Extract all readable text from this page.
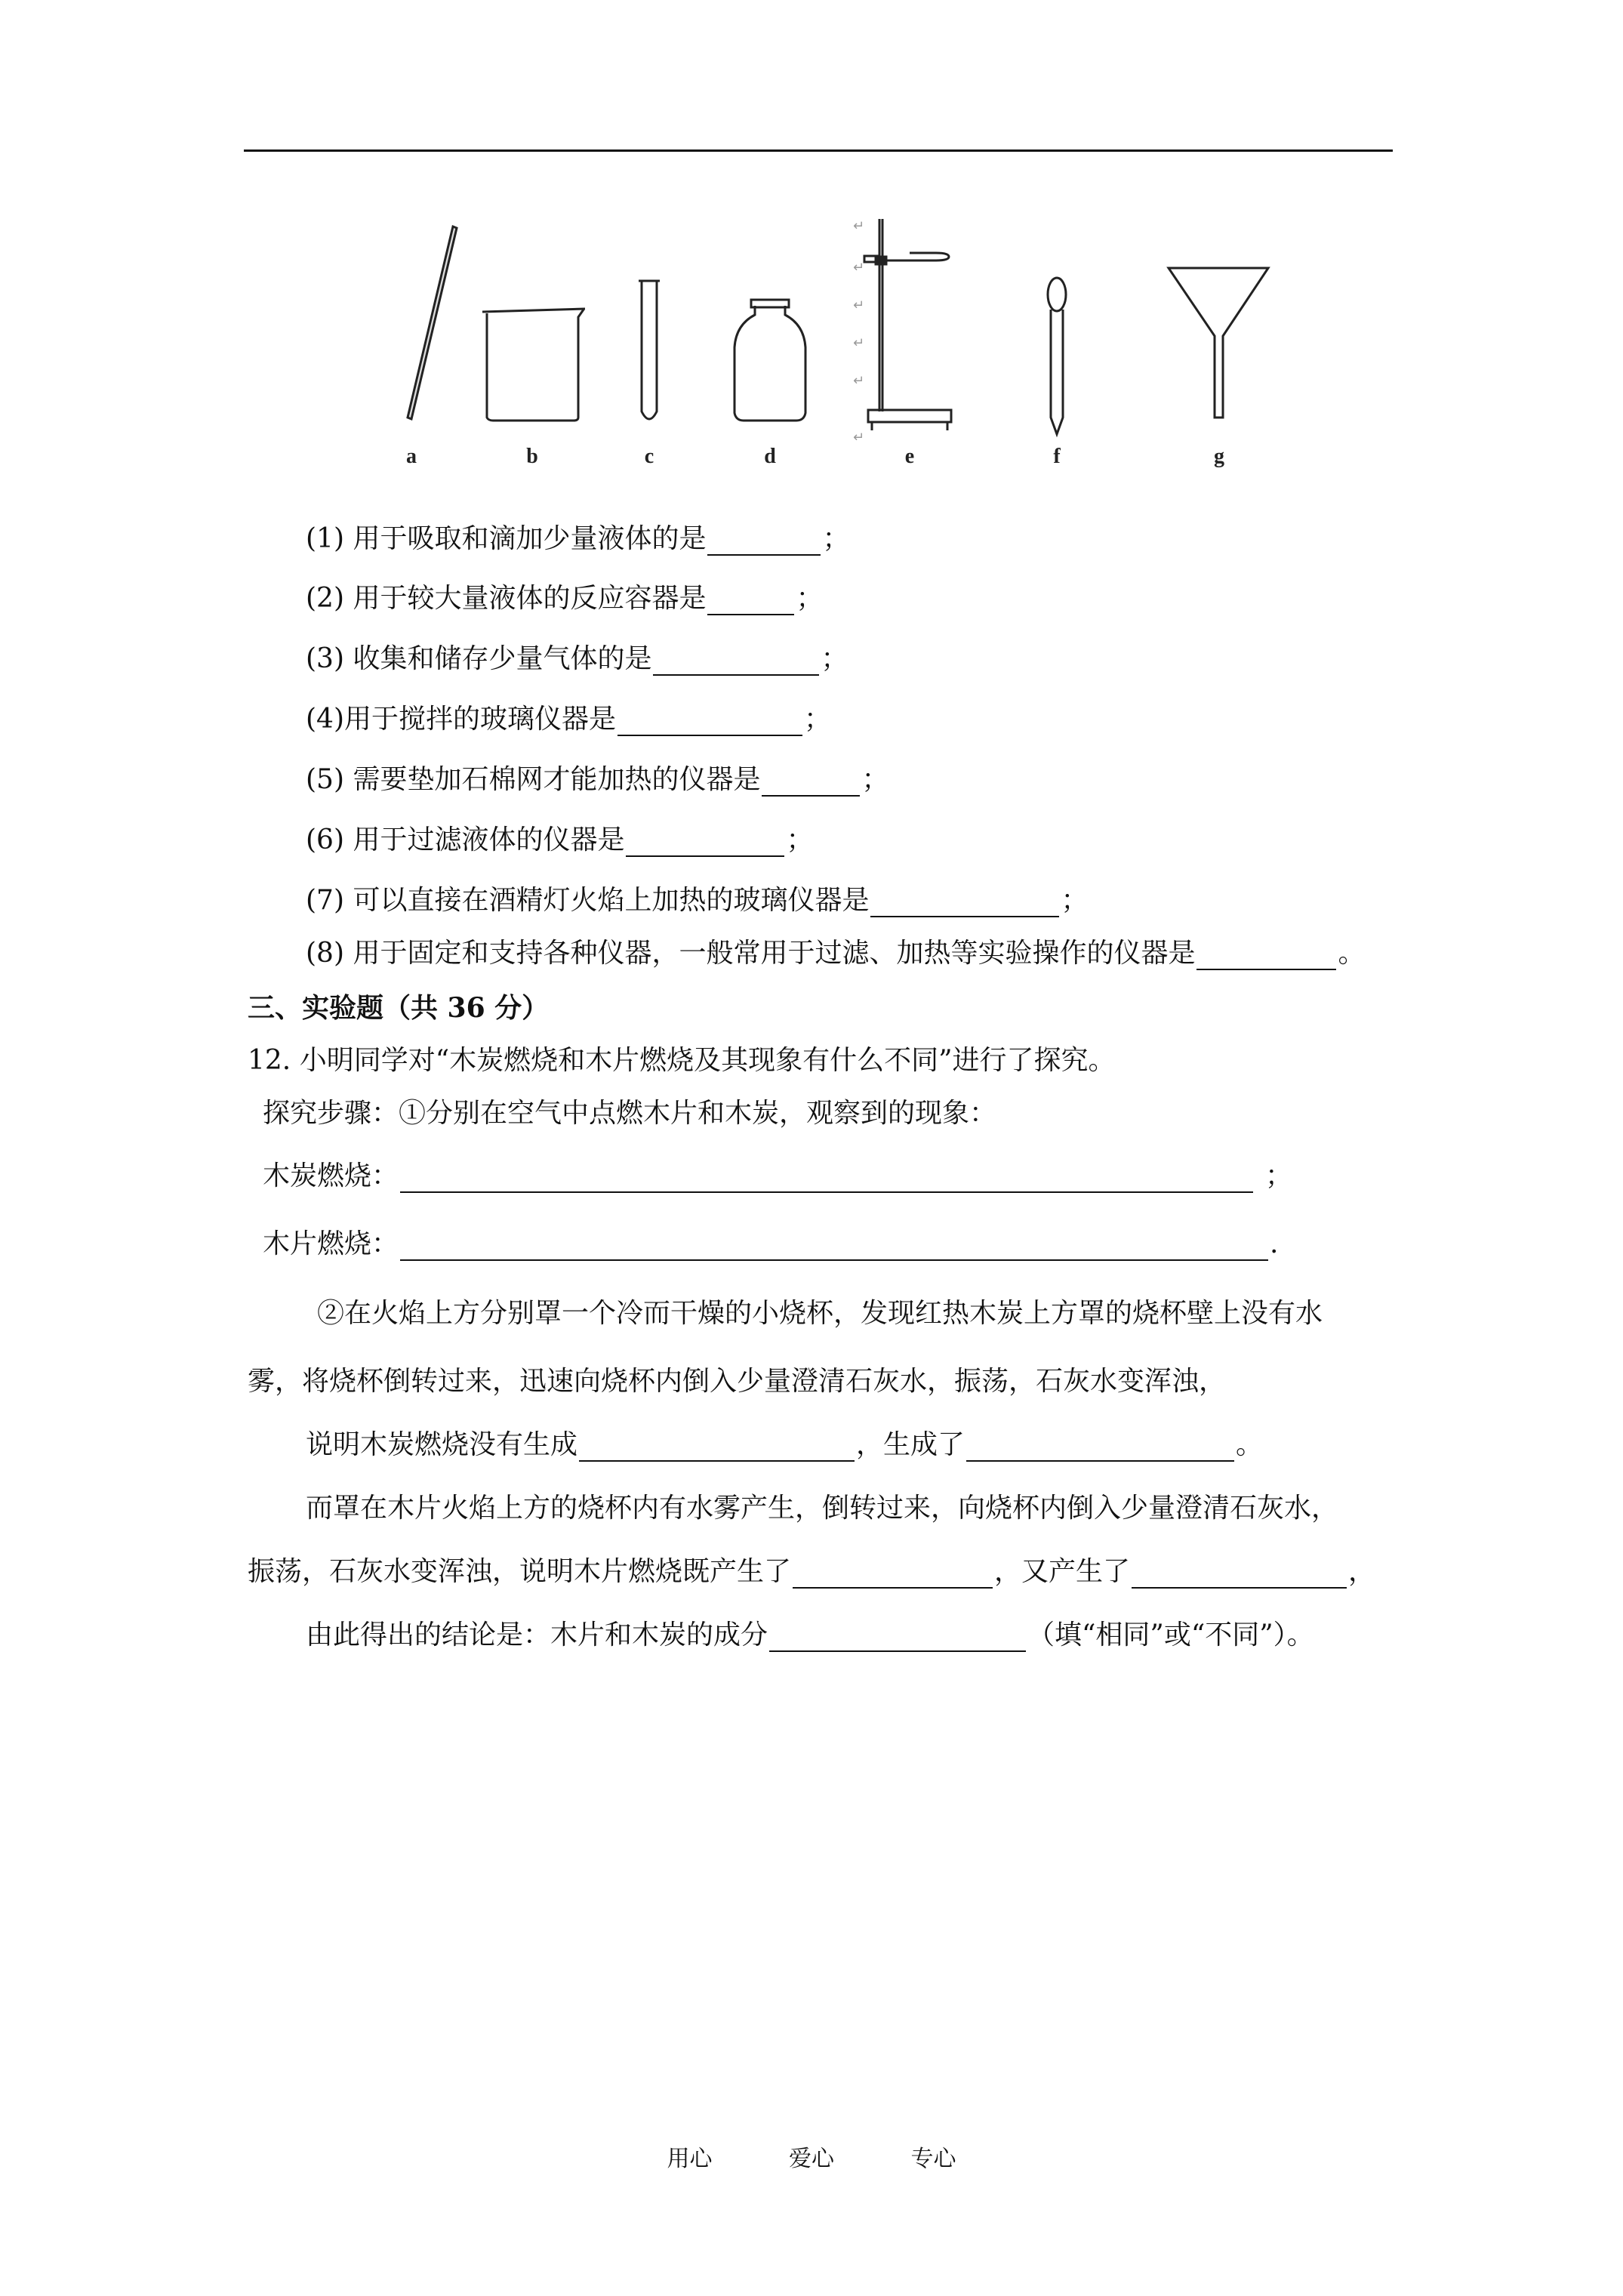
↵
↵
↵
↵
↵
↵
a	b	c	d	e	f	g
(1) 用于吸取和滴加少量液体的是	；
(2) 用于较大量液体的反应容器是	；
(3) 收集和储存少量气体的是	；
(4)用于搅拌的玻璃仪器是	；
(5) 需要垫加石棉网才能加热的仪器是	；
(6) 用于过滤液体的仪器是	；
(7) 可以直接在酒精灯火焰上加热的玻璃仪器是	；
(8) 用于固定和支持各种仪器，一般常用于过滤、加热等实验操作的仪器是	。
三、实验题（共 36 分）
12. 小明同学对“木炭燃烧和木片燃烧及其现象有什么不同”进行了探究。
探究步骤：①分别在空气中点燃木片和木炭，观察到的现象：
木炭燃烧：	；
木片燃烧：	.
②在火焰上方分别罩一个冷而干燥的小烧杯，发现红热木炭上方罩的烧杯壁上没有水
雾，将烧杯倒转过来，迅速向烧杯内倒入少量澄清石灰水，振荡，石灰水变浑浊，
说明木炭燃烧没有生成	，生成了	。
而罩在木片火焰上方的烧杯内有水雾产生，倒转过来，向烧杯内倒入少量澄清石灰水，
振荡，石灰水变浑浊，说明木片燃烧既产生了	，又产生了	，
由此得出的结论是：木片和木炭的成分	（填“相同”或“不同”）。
用心	爱心	专心
